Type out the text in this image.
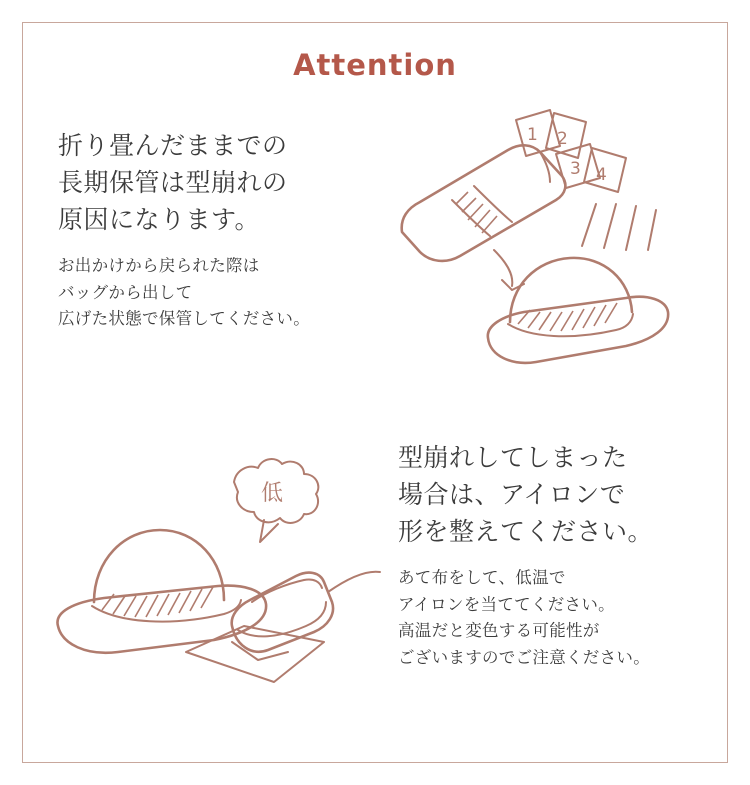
Attention
折り畳んだままでの
長期保管は型崩れの
原因になります。
お出かけから戻られた際は
バッグから出して
広げた状態で保管してください。
1 2
3 4
型崩れしてしまった
場合は、アイロンで
形を整えてください。
あて布をして、低温で
アイロンを当ててください。
高温だと変色する可能性が
ございますのでご注意ください。
低
